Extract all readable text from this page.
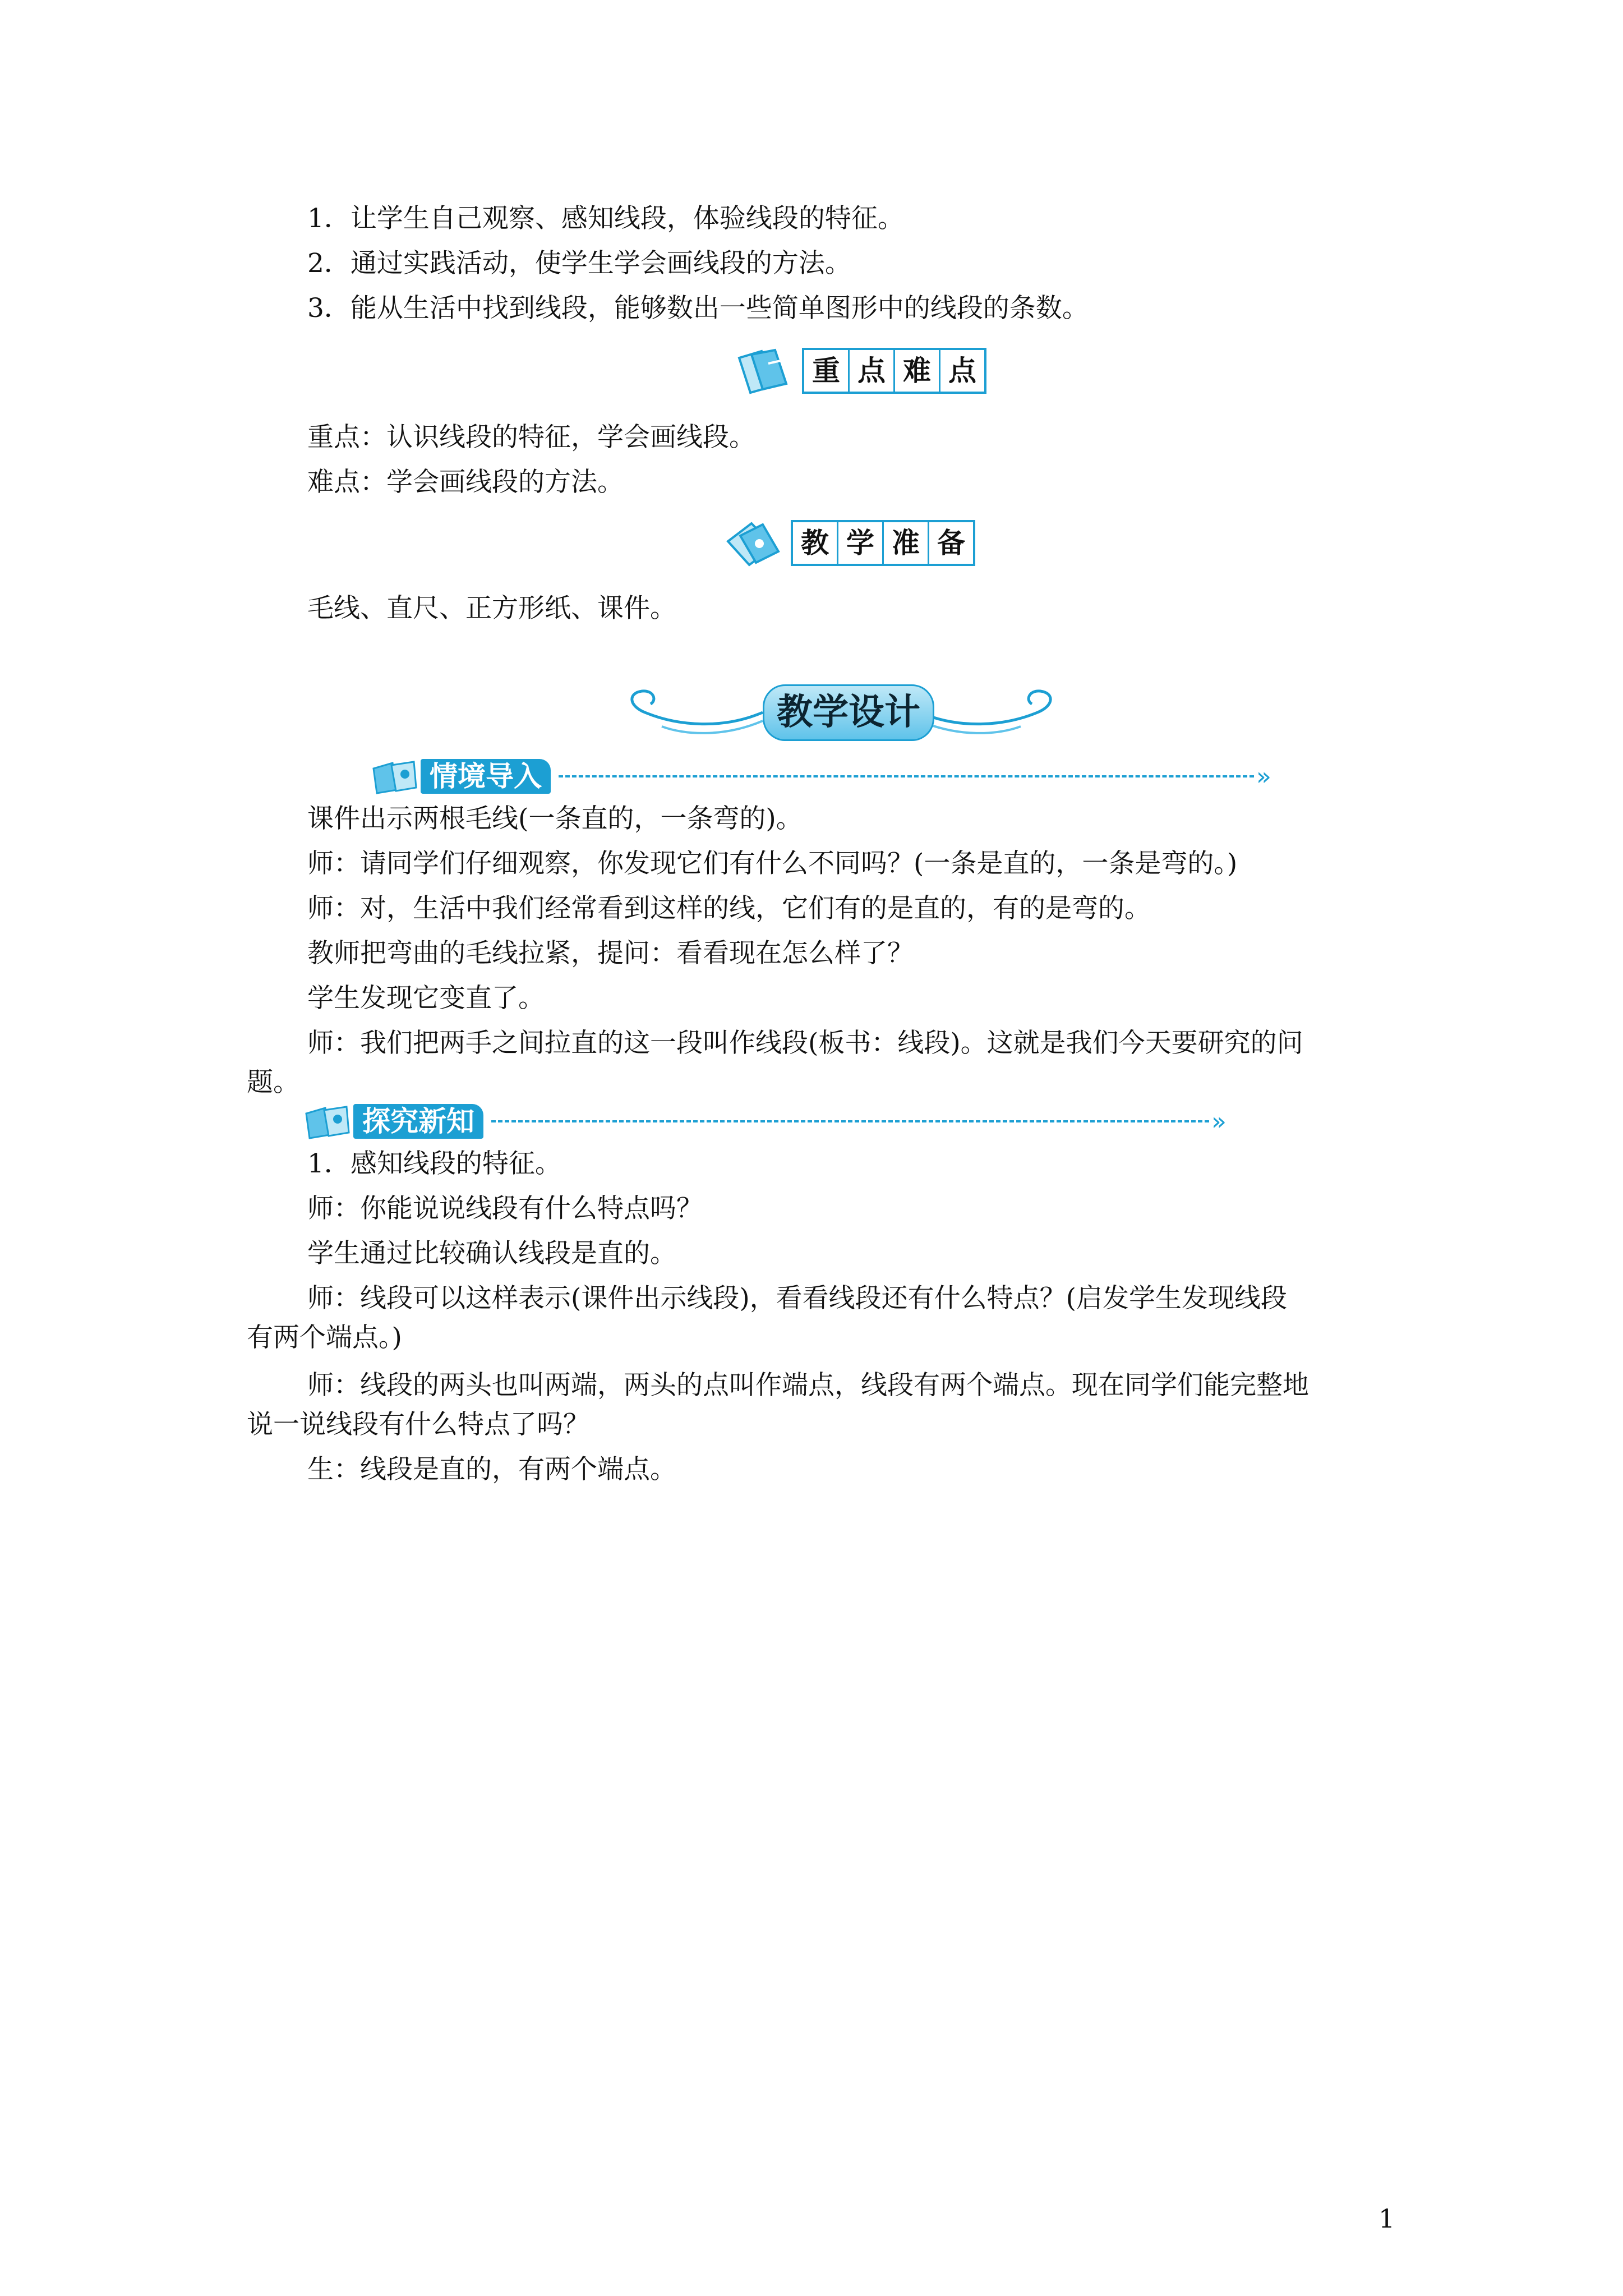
1．让学生自己观察、感知线段，体验线段的特征。
2．通过实践活动，使学生学会画线段的方法。
3．能从生活中找到线段，能够数出一些简单图形中的线段的条数。
重 点 难 点
重点：认识线段的特征，学会画线段。
难点：学会画线段的方法。
教 学 准 备
毛线、直尺、正方形纸、课件。
教学设计
情境导入	»
课件出示两根毛线(一条直的，一条弯的)。
师：请同学们仔细观察，你发现它们有什么不同吗？(一条是直的，一条是弯的。)
师：对，生活中我们经常看到这样的线，它们有的是直的，有的是弯的。
教师把弯曲的毛线拉紧，提问：看看现在怎么样了？
学生发现它变直了。
师：我们把两手之间拉直的这一段叫作线段(板书：线段)。这就是我们今天要研究的问
题。
探究新知	»
1．感知线段的特征。
师：你能说说线段有什么特点吗？
学生通过比较确认线段是直的。
师：线段可以这样表示(课件出示线段)，看看线段还有什么特点？(启发学生发现线段
有两个端点。)
师：线段的两头也叫两端，两头的点叫作端点，线段有两个端点。现在同学们能完整地
说一说线段有什么特点了吗？
生：线段是直的，有两个端点。
1
